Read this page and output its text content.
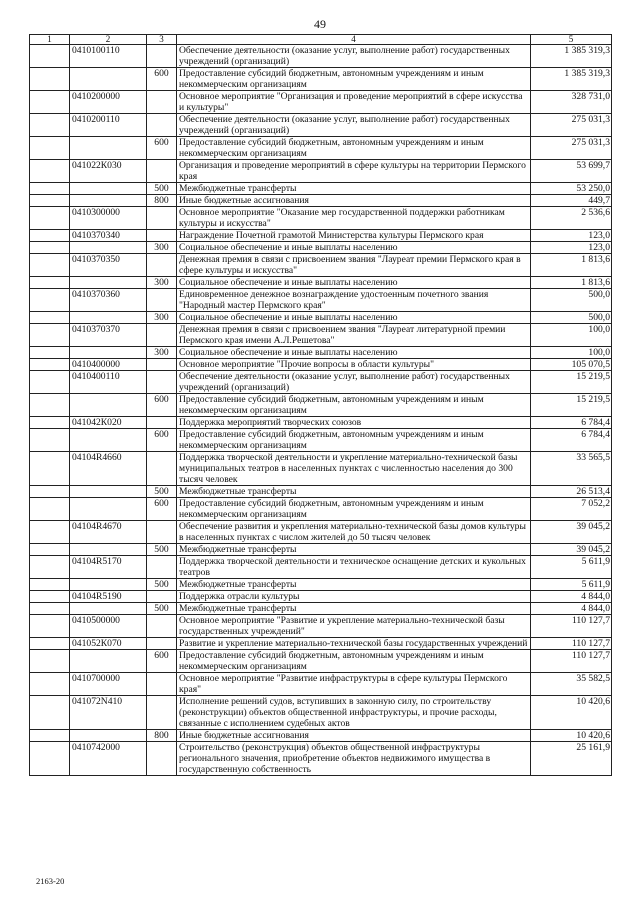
49
1	2	3	4	5
	0410100110		Обеспечение деятельности (оказание услуг, выполнение работ) государственных учреждений (организаций)	1 385 319,3
		600	Предоставление субсидий бюджетным, автономным учреждениям и иным некоммерческим организациям	1 385 319,3
	0410200000		Основное мероприятие "Организация и проведение мероприятий в сфере искусства и культуры"	328 731,0
	0410200110		Обеспечение деятельности (оказание услуг, выполнение работ) государственных учреждений (организаций)	275 031,3
		600	Предоставление субсидий бюджетным, автономным учреждениям и иным некоммерческим организациям	275 031,3
	041022К030		Организация и проведение мероприятий в сфере культуры на территории Пермского края	53 699,7
		500	Межбюджетные трансферты	53 250,0
		800	Иные бюджетные ассигнования	449,7
	0410300000		Основное мероприятие "Оказание мер государственной поддержки работникам культуры и искусства"	2 536,6
	0410370340		Награждение Почетной грамотой Министерства культуры Пермского края	123,0
		300	Социальное обеспечение и иные выплаты населению	123,0
	0410370350		Денежная премия в связи с присвоением звания "Лауреат премии Пермского края в сфере культуры и искусства"	1 813,6
		300	Социальное обеспечение и иные выплаты населению	1 813,6
	0410370360		Единовременное денежное вознаграждение удостоенным почетного звания "Народный мастер Пермского края"	500,0
		300	Социальное обеспечение и иные выплаты населению	500,0
	0410370370		Денежная премия в связи с присвоением звания "Лауреат литературной премии Пермского края имени А.Л.Решетова"	100,0
		300	Социальное обеспечение и иные выплаты населению	100,0
	0410400000		Основное мероприятие "Прочие вопросы в области культуры"	105 070,5
	0410400110		Обеспечение деятельности (оказание услуг, выполнение работ) государственных учреждений (организаций)	15 219,5
		600	Предоставление субсидий бюджетным, автономным учреждениям и иным некоммерческим организациям	15 219,5
	041042К020		Поддержка мероприятий творческих союзов	6 784,4
		600	Предоставление субсидий бюджетным, автономным учреждениям и иным некоммерческим организациям	6 784,4
	04104R4660		Поддержка творческой деятельности и укрепление материально-технической базы муниципальных театров в населенных пунктах с численностью населения до 300 тысяч человек	33 565,5
		500	Межбюджетные трансферты	26 513,4
		600	Предоставление субсидий бюджетным, автономным учреждениям и иным некоммерческим организациям	7 052,2
	04104R4670		Обеспечение развития и укрепления материально-технической базы домов культуры в населенных пунктах с числом жителей до 50 тысяч человек	39 045,2
		500	Межбюджетные трансферты	39 045,2
	04104R5170		Поддержка творческой деятельности и техническое оснащение детских и кукольных театров	5 611,9
		500	Межбюджетные трансферты	5 611,9
	04104R5190		Поддержка отрасли культуры	4 844,0
		500	Межбюджетные трансферты	4 844,0
	0410500000		Основное мероприятие "Развитие и укрепление материально-технической базы государственных учреждений"	110 127,7
	041052К070		Развитие и укрепление материально-технической базы государственных учреждений	110 127,7
		600	Предоставление субсидий бюджетным, автономным учреждениям и иным некоммерческим организациям	110 127,7
	0410700000		Основное мероприятие "Развитие инфраструктуры в сфере культуры Пермского края"	35 582,5
	041072N410		Исполнение решений судов, вступивших в законную силу, по строительству (реконструкции) объектов общественной инфраструктуры, и прочие расходы, связанные с исполнением судебных актов	10 420,6
		800	Иные бюджетные ассигнования	10 420,6
	0410742000		Строительство (реконструкция) объектов общественной инфраструктуры регионального значения, приобретение объектов недвижимого имущества в государственную собственность	25 161,9
2163-20
